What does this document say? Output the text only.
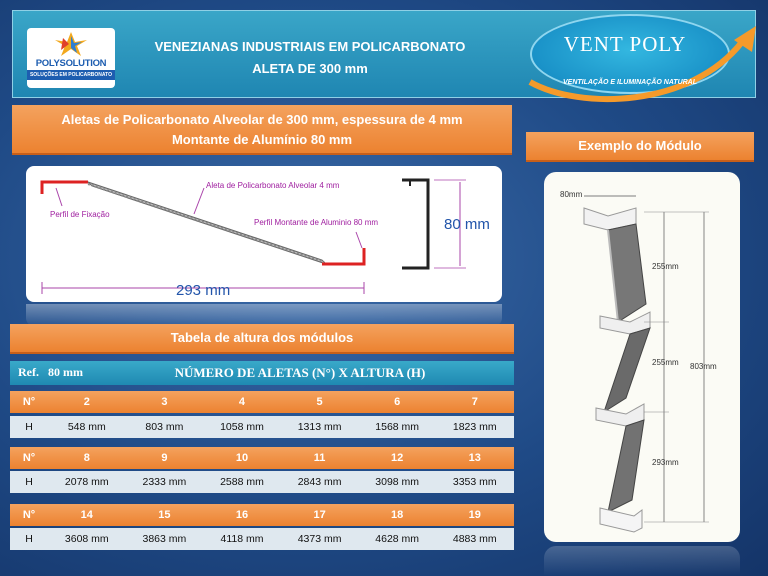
POLYSOLUTION
SOLUÇÕES EM POLICARBONATO
VENEZIANAS INDUSTRIAIS EM POLICARBONATO
ALETA DE 300 mm
VENT POLY
VENTILAÇÃO E ILUMINAÇÃO NATURAL
Aletas de Policarbonato Alveolar de 300 mm, espessura de 4 mm
Montante de Alumínio 80 mm
Aleta de Policarbonato Alveolar 4 mm
Perfil de Fixação
Perfil Montante de Aluminio 80 mm	80 mm
293 mm
Exemplo do Módulo
80mm
255mm
255mm
293mm
803mm
Tabela de altura dos módulos
Ref. 80 mm	NÚMERO DE ALETAS (N°) X ALTURA (H)
N°	2	3	4	5	6	7
H	548 mm	803 mm	1058 mm	1313 mm	1568 mm	1823 mm
N°	8	9	10	11	12	13
H	2078 mm	2333 mm	2588 mm	2843 mm	3098 mm	3353 mm
N°	14	15	16	17	18	19
H	3608 mm	3863 mm	4118 mm	4373 mm	4628 mm	4883 mm
